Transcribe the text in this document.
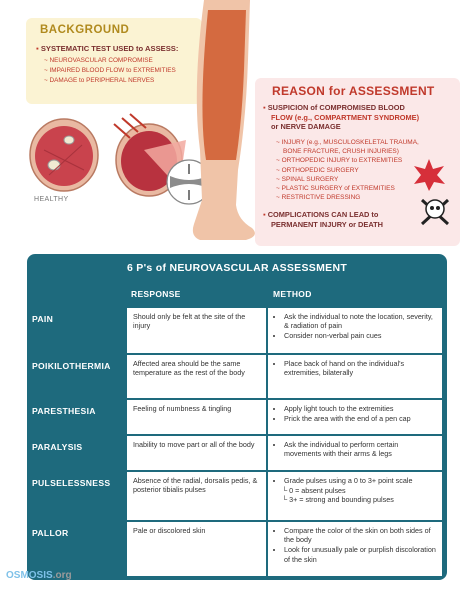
BACKGROUND
▪ SYSTEMATIC TEST USED to ASSESS:
~ NEUROVASCULAR COMPROMISE
~ IMPAIRED BLOOD FLOW to EXTREMITIES
~ DAMAGE to PERIPHERAL NERVES
HEALTHY
REASON for ASSESSMENT
▪ SUSPICION of COMPROMISED BLOOD
FLOW (e.g., COMPARTMENT SYNDROME)
or NERVE DAMAGE
~ INJURY (e.g., MUSCULOSKELETAL TRAUMA,
BONE FRACTURE, CRUSH INJURIES)
~ ORTHOPEDIC INJURY to EXTREMITIES
~ ORTHOPEDIC SURGERY
~ SPINAL SURGERY
~ PLASTIC SURGERY of EXTREMITIES
~ RESTRICTIVE DRESSING
▪ COMPLICATIONS CAN LEAD to
PERMANENT INJURY or DEATH
6 P's of NEUROVASCULAR ASSESSMENT
RESPONSE	METHOD
PAIN	Should only be felt at the site of the injury
• Ask the individual to note the location, severity, & radiation of pain
• Consider non-verbal pain cues
POIKILOTHERMIA	Affected area should be the same temperature as the rest of the body
• Place back of hand on the individual's extremities, bilaterally
PARESTHESIA	Feeling of numbness & tingling	• Apply light touch to the extremities
• Prick the area with the end of a pen cap
PARALYSIS	Inability to move part or all of the body	• Ask the individual to perform certain movements with their arms & legs
PULSELESSNESS	Absence of the radial, dorsalis pedis, & posterior tibialis pulses
• Grade pulses using a 0 to 3+ point scale
└ 0 = absent pulses
└ 3+ = strong and bounding pulses
PALLOR	Pale or discolored skin	• Compare the color of the skin on both sides of the body
• Look for unusually pale or purplish discoloration of the skin
OSMOSIS.org
